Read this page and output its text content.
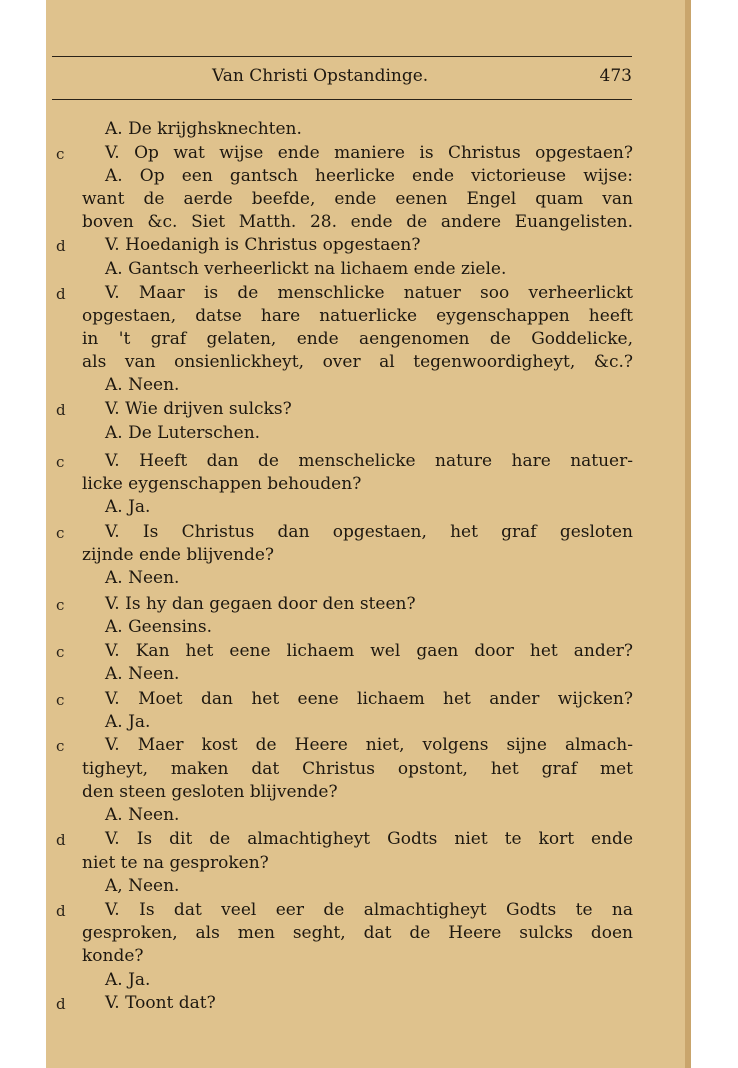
Van Christi Opstandinge.	473
c
d
d
d
c
c
c
c
c
c
d
d
d
A. De krijghsknechten.
V. Op wat wijse ende maniere is Christus opgestaen?
A. Op een gantsch heerlicke ende victorieuse wijse:
want de aerde beefde, ende eenen Engel quam van
boven &c. Siet Matth. 28. ende de andere Euangelisten.
V. Hoedanigh is Christus opgestaen?
A. Gantsch verheerlickt na lichaem ende ziele.
V. Maar is de menschlicke natuer soo verheerlickt
opgestaen, datse hare natuerlicke eygenschappen heeft
in 't graf gelaten, ende aengenomen de Goddelicke,
als van onsienlickheyt, over al tegenwoordigheyt, &c.?
A. Neen.
V. Wie drijven sulcks?
A. De Luterschen.
V. Heeft dan de menschelicke nature hare natuer-
licke eygenschappen behouden?
A. Ja.
V. Is Christus dan opgestaen, het graf gesloten
zijnde ende blijvende?
A. Neen.
V. Is hy dan gegaen door den steen?
A. Geensins.
V. Kan het eene lichaem wel gaen door het ander?
A. Neen.
V. Moet dan het eene lichaem het ander wijcken?
A. Ja.
V. Maer kost de Heere niet, volgens sijne almach-
tigheyt, maken dat Christus opstont, het graf met
den steen gesloten blijvende?
A. Neen.
V. Is dit de almachtigheyt Godts niet te kort ende
niet te na gesproken?
A, Neen.
V. Is dat veel eer de almachtigheyt Godts te na
gesproken, als men seght, dat de Heere sulcks doen
konde?
A. Ja.
V. Toont dat?
